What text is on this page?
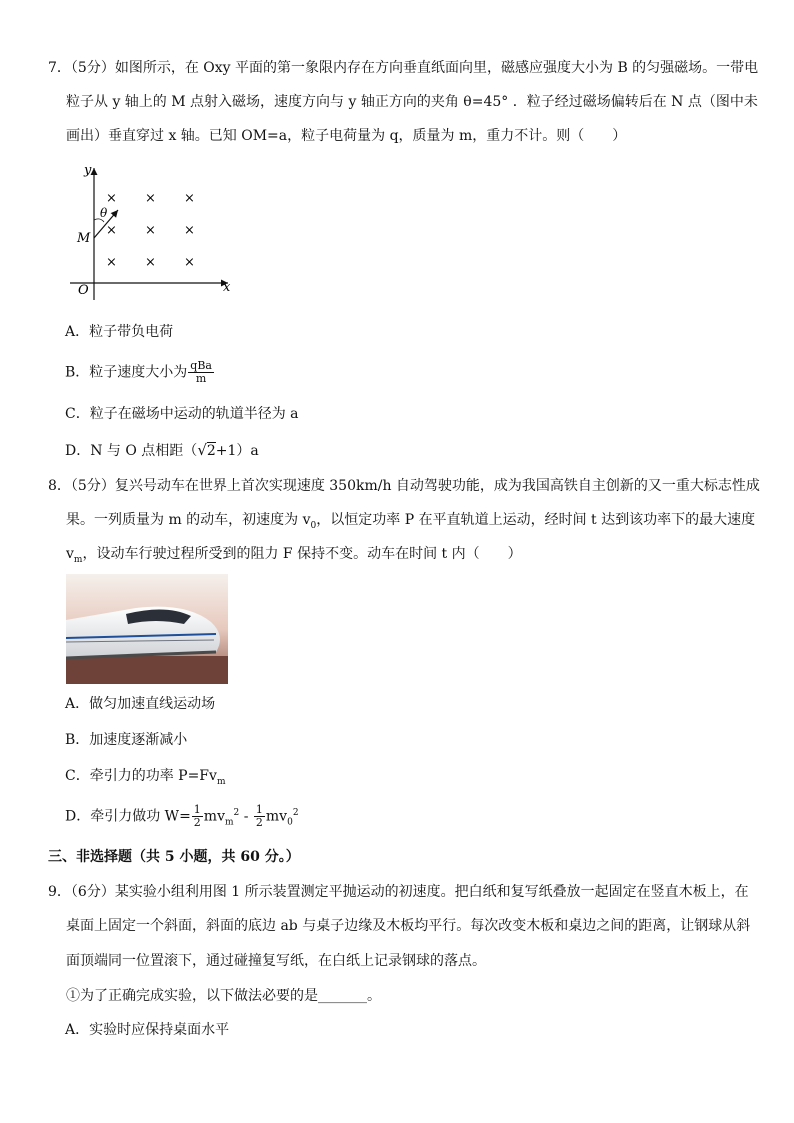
7．（5分）如图所示，在 Oxy 平面的第一象限内存在方向垂直纸面向里，磁感应强度大小为 B 的匀强磁场。一带电
粒子从 y 轴上的 M 点射入磁场，速度方向与 y 轴正方向的夹角 θ=45° ．粒子经过磁场偏转后在 N 点（图中未
画出）垂直穿过 x 轴。已知 OM=a，粒子电荷量为 q，质量为 m，重力不计。则（　　）
y
x
O
M
θ
× × ×
× × ×
× × ×
A．粒子带负电荷
B．粒子速度大小为 $\frac{\text{qBa}}{m}$
C．粒子在磁场中运动的轨道半径为 a
D．N 与 O 点相距（√2+1）a
8．（5分）复兴号动车在世界上首次实现速度 350km/h 自动驾驶功能，成为我国高铁自主创新的又一重大标志性成
果。一列质量为 m 的动车，初速度为 $v_0$，以恒定功率 P 在平直轨道上运动，经时间 t 达到该功率下的最大速度
$v_m$，设动车行驶过程所受到的阻力 F 保持不变。动车在时间 t 内（　　）
A．做匀加速直线运动场
B．加速度逐渐减小
C．牵引力的功率 $P=Fv_m$
D．牵引力做功 $W= \frac{1}{2} mv_m^2 - \frac{1}{2} mv_0^2$
三、非选择题（共 5 小题，共 60 分。）
9．（6分）某实验小组利用图 1 所示装置测定平抛运动的初速度。把白纸和复写纸叠放一起固定在竖直木板上，在
桌面上固定一个斜面，斜面的底边 ab 与桌子边缘及木板均平行。每次改变木板和桌边之间的距离，让钢球从斜
面顶端同一位置滚下，通过碰撞复写纸，在白纸上记录钢球的落点。
①为了正确完成实验，以下做法必要的是_______。
A．实验时应保持桌面水平
